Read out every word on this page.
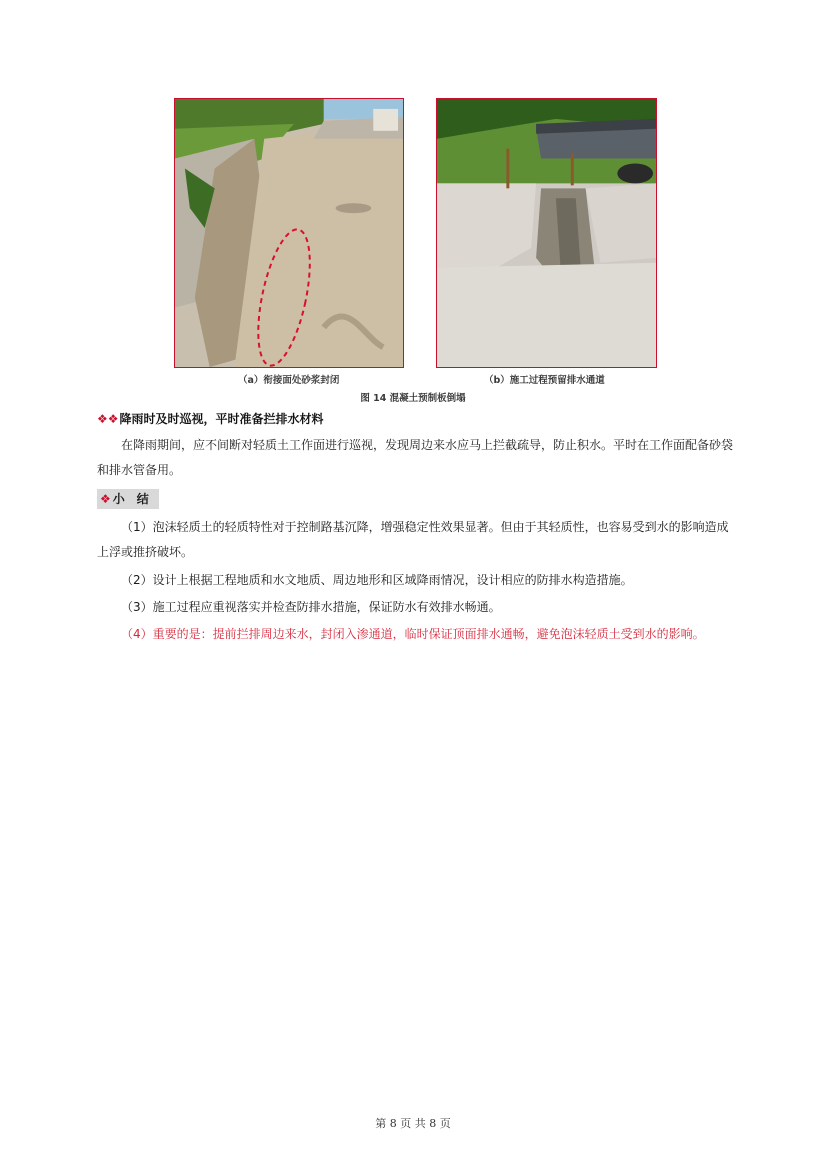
（a）衔接面处砂浆封闭	（b）施工过程预留排水通道
图 14 混凝土预制板倒塌
❖❖降雨时及时巡视，平时准备拦排水材料
在降雨期间，应不间断对轻质土工作面进行巡视，发现周边来水应马上拦截疏导，防止积水。平时在工作面配备砂袋和排水管备用。
❖ 小　结
（1）泡沫轻质土的轻质特性对于控制路基沉降，增强稳定性效果显著。但由于其轻质性，也容易受到水的影响造成上浮或推挤破坏。
（2）设计上根据工程地质和水文地质、周边地形和区域降雨情况，设计相应的防排水构造措施。
（3）施工过程应重视落实并检查防排水措施，保证防水有效排水畅通。
（4）重要的是：提前拦排周边来水，封闭入渗通道，临时保证顶面排水通畅，避免泡沫轻质土受到水的影响。
第 8 页 共 8 页
